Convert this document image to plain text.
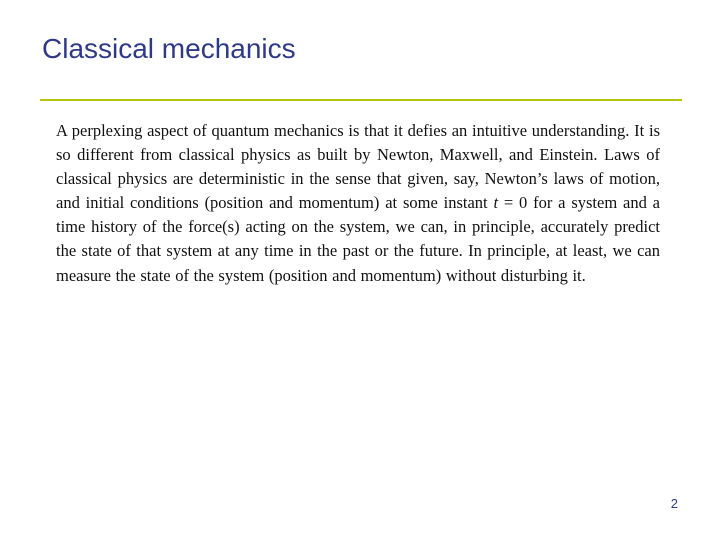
Classical mechanics

A perplexing aspect of quantum mechanics is that it defies an intuitive understanding. It is so different from classical physics as built by Newton, Maxwell, and Einstein. Laws of classical physics are deterministic in the sense that given, say, Newton’s laws of motion, and initial conditions (position and momentum) at some instant t = 0 for a system and a time history of the force(s) acting on the system, we can, in principle, accurately predict the state of that system at any time in the past or the future. In principle, at least, we can measure the state of the system (position and momentum) without disturbing it.

2
